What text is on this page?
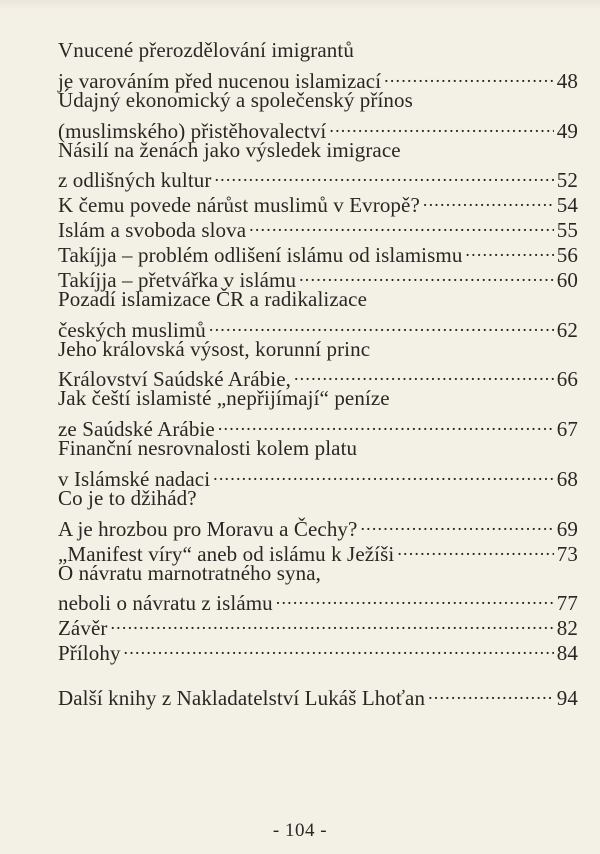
Vnucené přerozdělování imigrantů
je varováním před nucenou islamizací .....	48
Údajný ekonomický a společenský přínos
(muslimského) přistěhovalectví .....	49
Násilí na ženách jako výsledek imigrace
z odlišných kultur .....	52
K čemu povede nárůst muslimů v Evropě? .....	54
Islám a svoboda slova .....	55
Takíjja – problém odlišení islámu od islamismu .....	56
Takíjja – přetvářka v islámu .....	60
Pozadí islamizace ČR a radikalizace
českých muslimů .....	62
Jeho královská výsost, korunní princ
Království Saúdské Arábie, .....	66
Jak čeští islamisté „nepřijímají“ peníze
ze Saúdské Arábie .....	67
Finanční nesrovnalosti kolem platu
v Islámské nadaci .....	68
Co je to džihád?
A je hrozbou pro Moravu a Čechy? .....	69
„Manifest víry“ aneb od islámu k Ježíši .....	73
O návratu marnotratného syna,
neboli o návratu z islámu .....	77
Závěr .....	82
Přílohy .....	84
Další knihy z Nakladatelství Lukáš Lhoťan .....	94
- 104 -
